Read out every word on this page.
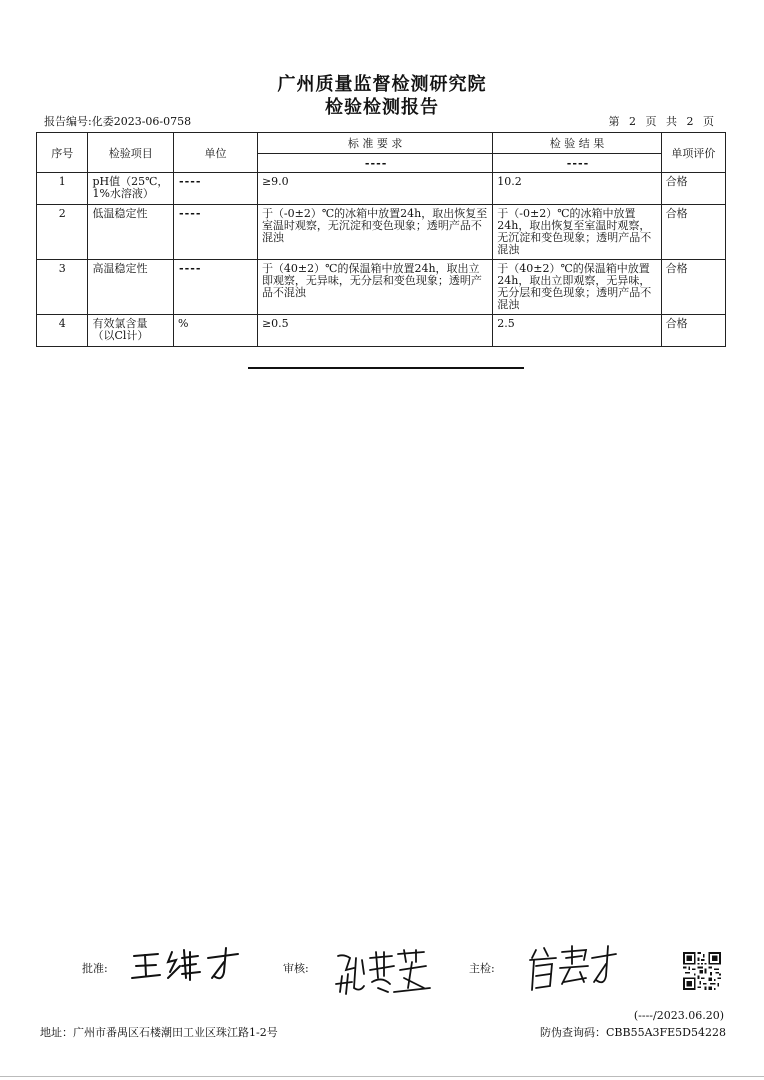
广州质量监督检测研究院
检验检测报告
报告编号:化委2023-06-0758	第 2 页 共 2 页
序号	检验项目	单位	标 准 要 求	检 验 结 果	单项评价
			----	----	
1	pH值（25℃，1%水溶液）	----	≥9.0	10.2	合格
2	低温稳定性	----	于（-0±2）℃的冰箱中放置24h，取出恢复至室温时观察，无沉淀和变色现象；透明产品不混浊	于（-0±2）℃的冰箱中放置24h，取出恢复至室温时观察，无沉淀和变色现象；透明产品不混浊	合格
3	高温稳定性	----	于（40±2）℃的保温箱中放置24h，取出立即观察，无异味，无分层和变色现象；透明产品不混浊	于（40±2）℃的保温箱中放置24h，取出立即观察，无异味，无分层和变色现象；透明产品不混浊	合格
4	有效氯含量（以Cl计）	%	≥0.5	2.5	合格
批准:	审核:	主检:
(----/2023.06.20)
地址：广州市番禺区石楼潮田工业区珠江路1-2号	防伪查询码：CBB55A3FE5D54228
